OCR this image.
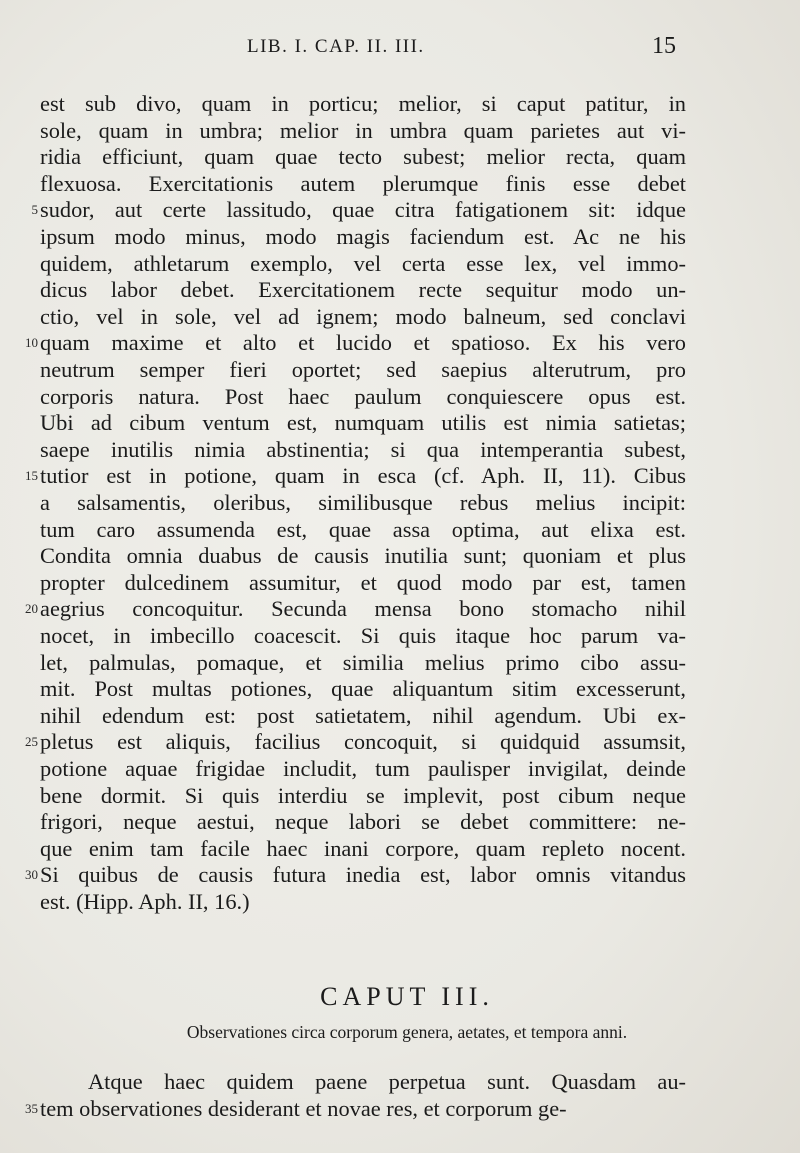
LIB. I. CAP. II. III.	15
est sub divo, quam in porticu; melior, si caput patitur, in
sole, quam in umbra; melior in umbra quam parietes aut vi-
ridia efficiunt, quam quae tecto subest; melior recta, quam
flexuosa. Exercitationis autem plerumque finis esse debet
5 sudor, aut certe lassitudo, quae citra fatigationem sit: idque
ipsum modo minus, modo magis faciendum est. Ac ne his
quidem, athletarum exemplo, vel certa esse lex, vel immo-
dicus labor debet. Exercitationem recte sequitur modo un-
ctio, vel in sole, vel ad ignem; modo balneum, sed conclavi
10 quam maxime et alto et lucido et spatioso. Ex his vero
neutrum semper fieri oportet; sed saepius alterutrum, pro
corporis natura. Post haec paulum conquiescere opus est.
Ubi ad cibum ventum est, numquam utilis est nimia satietas;
saepe inutilis nimia abstinentia; si qua intemperantia subest,
15 tutior est in potione, quam in esca (cf. Aph. II, 11). Cibus
a salsamentis, oleribus, similibusque rebus melius incipit:
tum caro assumenda est, quae assa optima, aut elixa est.
Condita omnia duabus de causis inutilia sunt; quoniam et plus
propter dulcedinem assumitur, et quod modo par est, tamen
20 aegrius concoquitur. Secunda mensa bono stomacho nihil
nocet, in imbecillo coacescit. Si quis itaque hoc parum va-
let, palmulas, pomaque, et similia melius primo cibo assu-
mit. Post multas potiones, quae aliquantum sitim excesserunt,
nihil edendum est: post satietatem, nihil agendum. Ubi ex-
25 pletus est aliquis, facilius concoquit, si quidquid assumsit,
potione aquae frigidae includit, tum paulisper invigilat, deinde
bene dormit. Si quis interdiu se implevit, post cibum neque
frigori, neque aestui, neque labori se debet committere: ne-
que enim tam facile haec inani corpore, quam repleto nocent.
30 Si quibus de causis futura inedia est, labor omnis vitandus
est. (Hipp. Aph. II, 16.)
CAPUT III.
Observationes circa corporum genera, aetates, et tempora anni.
Atque haec quidem paene perpetua sunt. Quasdam au-
35 tem observationes desiderant et novae res, et corporum ge-
